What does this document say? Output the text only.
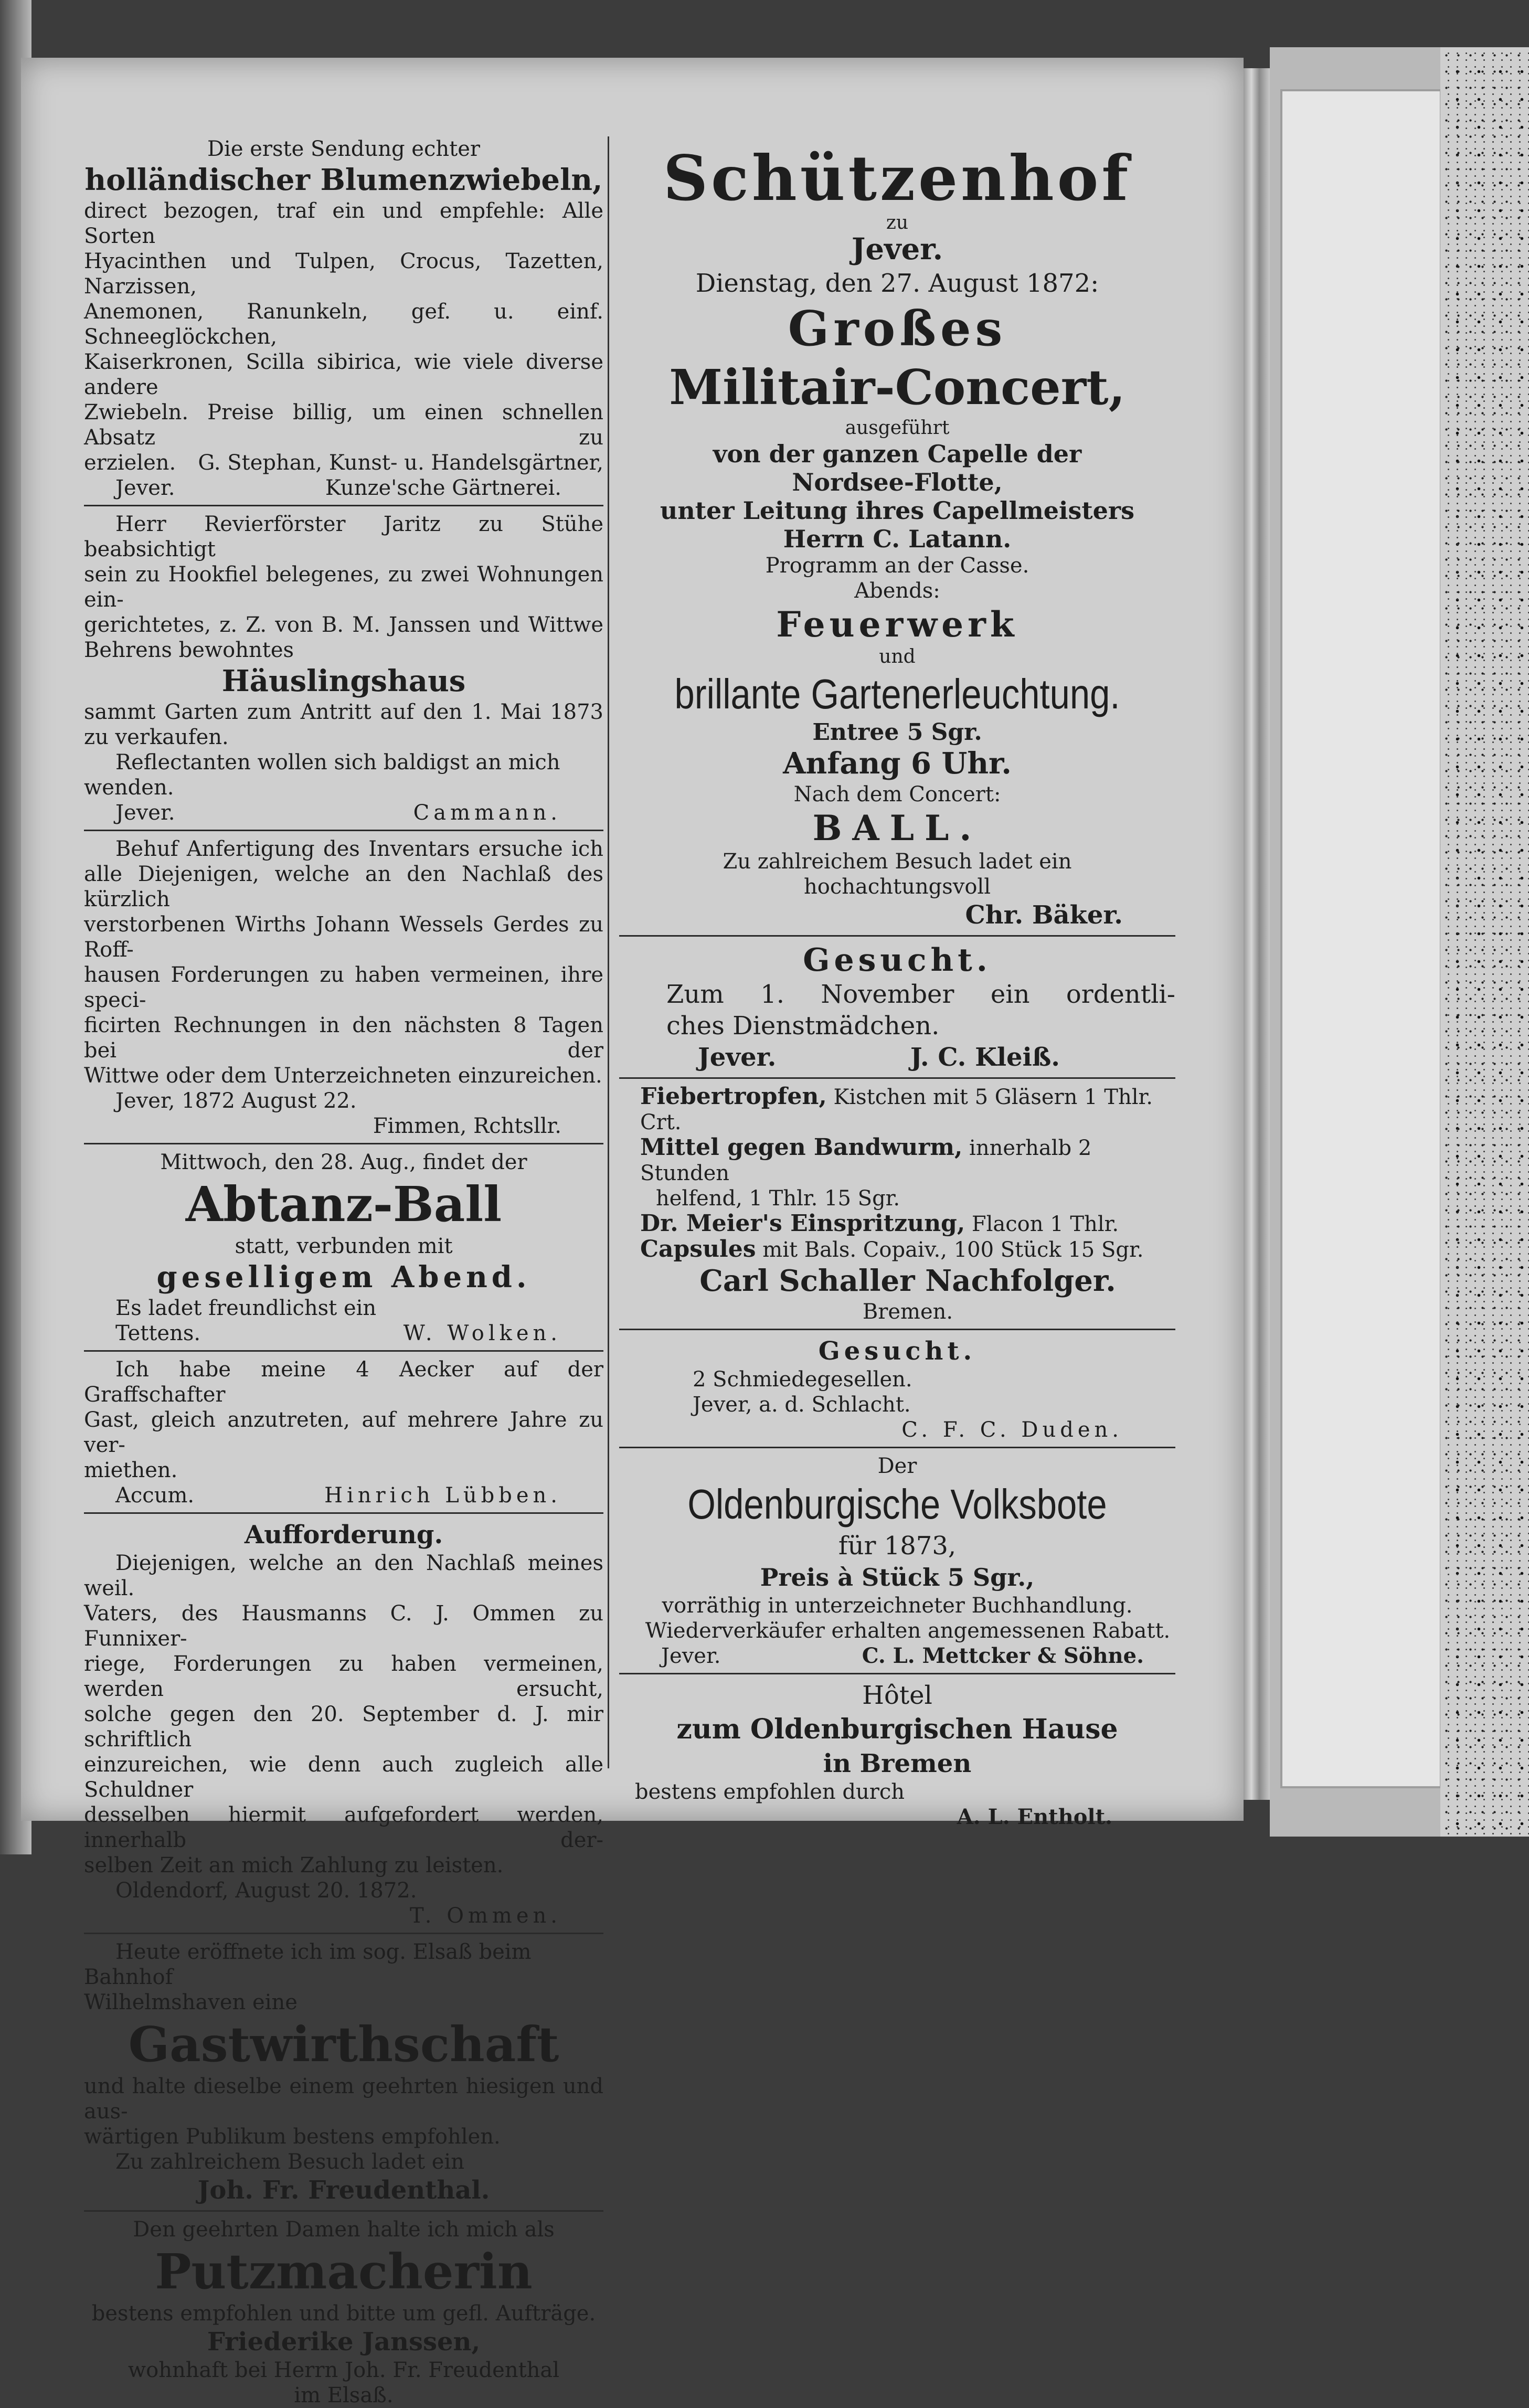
Die erste Sendung echter

holländischer Blumenzwiebeln,

direct bezogen, traf ein und empfehle: Alle Sorten

Hyacinthen und Tulpen, Crocus, Tazetten, Narzissen,

Anemonen, Ranunkeln, gef. u. einf. Schneeglöckchen,

Kaiserkronen, Scilla sibirica, wie viele diverse andere

Zwiebeln. Preise billig, um einen schnellen Absatz zu

erzielen. G. Stephan, Kunst- u. Handelsgärtner,
Jever.	Kunze'sche Gärtnerei.

Herr Revierförster Jaritz zu Stühe beabsichtigt

sein zu Hookfiel belegenes, zu zwei Wohnungen ein-

gerichtetes, z. Z. von B. M. Janssen und Wittwe

Behrens bewohntes

Häuslingshaus

sammt Garten zum Antritt auf den 1. Mai 1873

zu verkaufen.

Reflectanten wollen sich baldigst an mich wenden.

Jever.	Cammann.

Behuf Anfertigung des Inventars ersuche ich

alle Diejenigen, welche an den Nachlaß des kürzlich

verstorbenen Wirths Johann Wessels Gerdes zu Roff-

hausen Forderungen zu haben vermeinen, ihre speci-

ficirten Rechnungen in den nächsten 8 Tagen bei der

Wittwe oder dem Unterzeichneten einzureichen.

Jever, 1872 August 22.

Fimmen, Rchtsllr.

Mittwoch, den 28. Aug., findet der

Abtanz-Ball

statt, verbunden mit

geselligem Abend.

Es ladet freundlichst ein

Tettens.	W. Wolken.

Ich habe meine 4 Aecker auf der Graffschafter

Gast, gleich anzutreten, auf mehrere Jahre zu ver-

miethen.

Accum.	Hinrich Lübben.

Aufforderung.

Diejenigen, welche an den Nachlaß meines weil.

Vaters, des Hausmanns C. J. Ommen zu Funnixer-

riege, Forderungen zu haben vermeinen, werden ersucht,

solche gegen den 20. September d. J. mir schriftlich

einzureichen, wie denn auch zugleich alle Schuldner

desselben hiermit aufgefordert werden, innerhalb der-

selben Zeit an mich Zahlung zu leisten.

Oldendorf, August 20. 1872.

T. Ommen.

Heute eröffnete ich im sog. Elsaß beim Bahnhof

Wilhelmshaven eine

Gastwirthschaft

und halte dieselbe einem geehrten hiesigen und aus-

wärtigen Publikum bestens empfohlen.

Zu zahlreichem Besuch ladet ein

Joh. Fr. Freudenthal.

Den geehrten Damen halte ich mich als

Putzmacherin

bestens empfohlen und bitte um gefl. Aufträge.

Friederike Janssen,

wohnhaft bei Herrn Joh. Fr. Freudenthal

im Elsaß.

Schützenhof

zu

Jever.

Dienstag, den 27. August 1872:

Großes

Militair-Concert,

ausgeführt

von der ganzen Capelle der

Nordsee-Flotte,

unter Leitung ihres Capellmeisters

Herrn C. Latann.

Programm an der Casse.

Abends:

Feuerwerk

und

brillante Gartenerleuchtung.

Entree 5 Sgr.

Anfang 6 Uhr.

Nach dem Concert:

BALL.

Zu zahlreichem Besuch ladet ein

hochachtungsvoll

Chr. Bäker.

Gesucht.

Zum 1. November ein ordentli-

ches Dienstmädchen.

Jever.	J. C. Kleiß.

Fiebertropfen, Kistchen mit 5 Gläsern 1 Thlr. Crt.

Mittel gegen Bandwurm, innerhalb 2 Stunden

helfend, 1 Thlr. 15 Sgr.

Dr. Meier's Einspritzung, Flacon 1 Thlr.

Capsules mit Bals. Copaiv., 100 Stück 15 Sgr.

Carl Schaller Nachfolger.

Bremen.

Gesucht.

2 Schmiedegesellen.

Jever, a. d. Schlacht.

C. F. C. Duden.

Der

Oldenburgische Volksbote

für 1873,

Preis à Stück 5 Sgr.,

vorräthig in unterzeichneter Buchhandlung.

Wiederverkäufer erhalten angemessenen Rabatt.

Jever.	C. L. Mettcker & Söhne.

Hôtel

zum Oldenburgischen Hause

in Bremen

bestens empfohlen durch

A. L. Entholt.
